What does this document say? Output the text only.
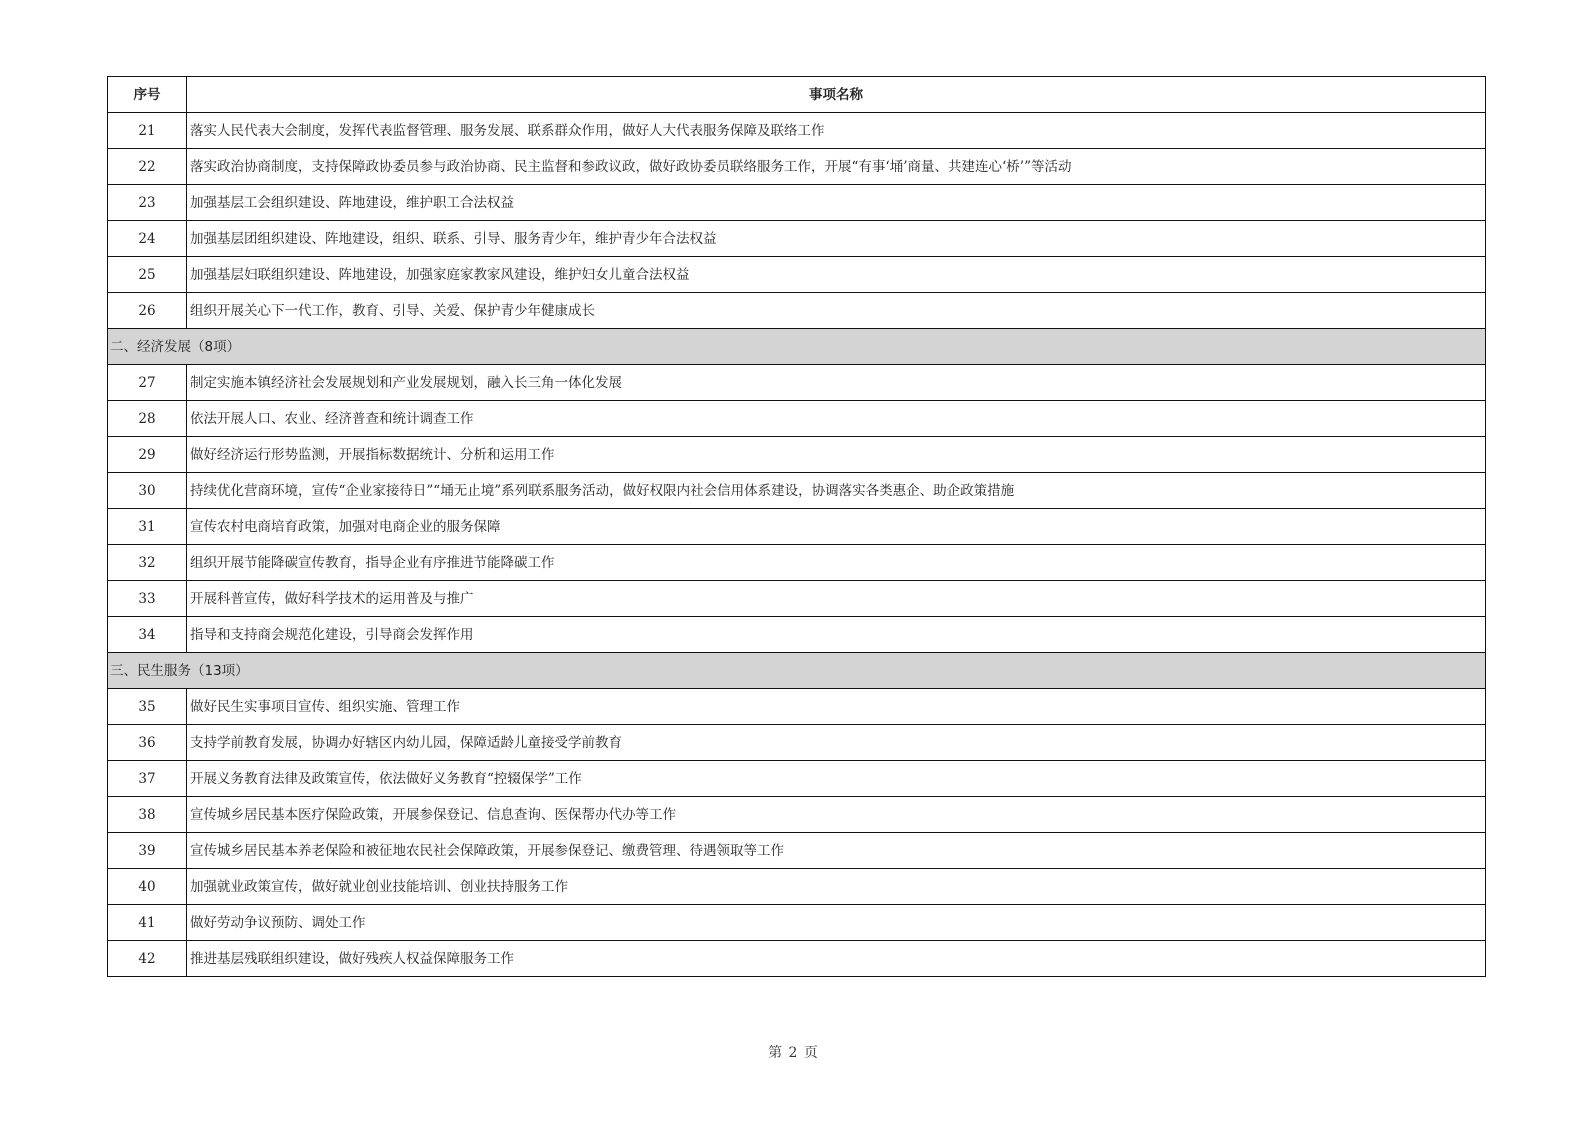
序号	事项名称
21	落实人民代表大会制度，发挥代表监督管理、服务发展、联系群众作用，做好人大代表服务保障及联络工作
22	落实政治协商制度，支持保障政协委员参与政治协商、民主监督和参政议政，做好政协委员联络服务工作，开展“有事‘埇’商量、共建连心‘桥’”等活动
23	加强基层工会组织建设、阵地建设，维护职工合法权益
24	加强基层团组织建设、阵地建设，组织、联系、引导、服务青少年，维护青少年合法权益
25	加强基层妇联组织建设、阵地建设，加强家庭家教家风建设，维护妇女儿童合法权益
26	组织开展关心下一代工作，教育、引导、关爱、保护青少年健康成长
二、经济发展（8项）	
27	制定实施本镇经济社会发展规划和产业发展规划，融入长三角一体化发展
28	依法开展人口、农业、经济普查和统计调查工作
29	做好经济运行形势监测，开展指标数据统计、分析和运用工作
30	持续优化营商环境，宣传“企业家接待日”“埇无止境”系列联系服务活动，做好权限内社会信用体系建设，协调落实各类惠企、助企政策措施
31	宣传农村电商培育政策，加强对电商企业的服务保障
32	组织开展节能降碳宣传教育，指导企业有序推进节能降碳工作
33	开展科普宣传，做好科学技术的运用普及与推广
34	指导和支持商会规范化建设，引导商会发挥作用
三、民生服务（13项）	
35	做好民生实事项目宣传、组织实施、管理工作
36	支持学前教育发展，协调办好辖区内幼儿园，保障适龄儿童接受学前教育
37	开展义务教育法律及政策宣传，依法做好义务教育“控辍保学”工作
38	宣传城乡居民基本医疗保险政策，开展参保登记、信息查询、医保帮办代办等工作
39	宣传城乡居民基本养老保险和被征地农民社会保障政策，开展参保登记、缴费管理、待遇领取等工作
40	加强就业政策宣传，做好就业创业技能培训、创业扶持服务工作
41	做好劳动争议预防、调处工作
42	推进基层残联组织建设，做好残疾人权益保障服务工作
第 2 页
